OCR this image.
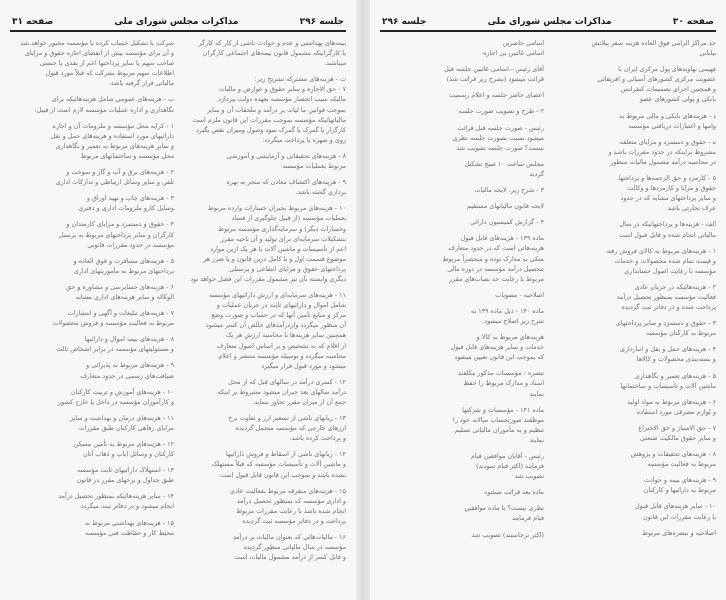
جلسه ۲۹۶
مذاکرات مجلس شورای ملی
صفحه ۳۱
بیمه‌های بهداشتی و عدم و حوادث ناشی از کار که کارگر
یا کارگرانیکه مشمول قانون بیمه‌های اجتماعی کارگران
میباشند.
ت - هزینه‌های مشترکه تشریح زیر:
۷ - حق الاجاره و سایر حقوق و عوارض و مالیات
مالیکه سیب انحصار مؤسسه بعهده دولت بپردازد
بموجب قوانین ما لیات بر درآمد و ملحقات آن و سایر
مالیاتهائیکه مؤسسه بموجب مقررات این قانون ملزم است
کارگزار یا گمرک یا گمرک سود وصول ومیزان نقص بگیرد
روی و شهره یا پرداخت میگردد.
۸ - هزینه‌های تحقیقاتی و آزمایشی و آموزشی
مربوط بعملیات مؤسسه
۹ - هزینه‌های اکتشاف معادن که منجر به بهره
برداری گشته باشد.
۱۰ - هزینه‌های مربوط بجبران خسارات وارده مربوط
بعملیات مؤسسه (از قبیل جلوگیری از فساد
وخسارات دیگر) و سرمایه‌گذاری مؤسسه مربوط
بتشکیلات سرمایه‌ای برای تولید و آن ناحیه مقرر
اعم از تأسیسات و ماشین آلات یا هر یک ازین موارد
موضوع قسمت اول و یا کامل درین قانون و یا ضرر هر
پرداختهای حقوق و مزایای انتفاعی و پرسنلی
دیگری وابسته بآن نیز مشمول مقررات این فصل خواهد بود
۱۱ - هزینه‌های سرمایه‌ای و ارزش دارائیهای مؤسسه
شامل اموال و دارائیهای ثابت در جریان عملیات و
مرکز و منابع تأمین آنها که در حساب و صورت وضع
آن منظور میگردد وازدرآمدهای خالص آن کسر میشود
همچنین سایر هزینه‌ها با محاسبه ارزش هر یک
از اقلام که به تشخیص و بر اساس اصول متعارف
محاسبه میگردد و بوسیله مؤسسه منتشر و اعلام
میشود و مورد قبول قرار میگیرد
۱۲ - کسری درآمد در سالهای قبل که از محل
درآمد سالهای بعد جبران میشود مشروط بر اینکه
جمع آن از میزان مقرر تجاوز ننماید.
۱۳ - زیانهای ناشی از تسعیر ارز و تفاوت نرخ
ارزهای خارجی که مؤسسه متحمل گردیده
و پرداخت کرده باشد.
۱۴ - زیانهای ناشی از اسقاط و فروش دارائیها
و ماشین آلات و تأسیسات مؤسسه که قبلاً مستهلک
نشده باشد و بموجب این قانون قابل قبول است
۱۵ - هزینه‌های متفرقه مربوط بفعالیت عادی
و اداری مؤسسه که بمنظور تحصیل درآمد
انجام شده باشد با رعایت مقررات مربوط
پرداخت و در دفاتر مؤسسه ثبت گردیده
۱۶ - مالیات‌هائی که بعنوان مالیات بر درآمد
مؤسسه در سال مالیاتی منظور گردیده
و قابل کسر از درآمد مشمول مالیات است
شرکت یا تشکیل حساب کرده یا مؤسسه مجبور خواهد شد
و آن برای مؤسسه پیش از انقضای اجازه حقوق و مزایای
صاحب سهم یا سایر پرداختها اعم از نقدی یا جنسی
اطلاعات سهم مربوط بشرکت که قبلاً مورد قبول
مالیاتی قرار گرفته باشد.
ب - هزینه‌های عمومی شامل هزینه‌هائیکه برای
نگاهداری و اداره عملیات مؤسسه لازم است از قبیل:
۱ - کرایه محل مؤسسه و ملزومات آن و اجاره
دارائیهای مورد استفاده و هزینه‌های حمل و نقل
و سایر هزینه‌های مربوط به تعمیر و نگاهداری
محل مؤسسه و ساختمانهای مربوط
۲ - هزینه‌های برق و آب و گاز و سوخت و
تلفن و سایر وسائل ارتباطی و تدارکات اداری
۳ - هزینه‌های چاپ و تهیه اوراق و
وسایل کارو ملزومات اداری و دفتری
۴ - حقوق و دستمزد و مزایای کارمندان و
کارگران و سایر پرداختهای مربوط به پرسنل
مؤسسه در حدود مقررات قانونی
۵ - هزینه‌های مسافرت و فوق العاده و
پرداختهای مربوط به مأموریتهای اداری
۶ - هزینه‌های حسابرسی و مشاوره و حق
الوکاله و سایر هزینه‌های اداری مشابه
۷ - هزینه‌های تبلیغات و آگهی و انتشارات
مربوط به فعالیت مؤسسه و فروش محصولات
۸ - هزینه‌های بیمه اموال و دارائیها
و مسئولیتهای مؤسسه در برابر اشخاص ثالث
۹ - هزینه‌های مربوط به پذیرائی و
ضیافت‌های رسمی در حدود متعارف
۱۰ - هزینه‌های آموزش و تربیت کارکنان
و کارآموزان مؤسسه در داخل یا خارج کشور
۱۱ - هزینه‌های درمان و بهداشت و سایر
مزایای رفاهی کارکنان طبق مقررات
۱۲ - هزینه‌های مربوط به تأمین مسکن
کارکنان و وسائل ایاب و ذهاب آنان
۱۳ - استهلاک دارائیهای ثابت مؤسسه
طبق جداول و نرخهای مقرر در قانون
۱۴ - سایر هزینه‌هائیکه بمنظور تحصیل درآمد
انجام میشود و در دفاتر ثبت میگردد
۱۵ - هزینه‌های بهداشتی مربوط به
محیط کار و حفاظت فنی مؤسسه
صفحه ۳۰
مذاکرات مجلس شورای ملی
جلسه ۲۹۶
حد مراکز الزامی فوق العاده هزینه سفر بیلاتش
بیابانی
فهیمی نهاوند‌های پول مرکزی ایران با
عضویت مرکزی کشورهای آسیائی و افریقائی
و همچنین اجرای تصمیمات کنفرانس
بانکی و پولی کشورهای عضو
د - هزینه‌های بانکی و مالی مربوط به
وامها و اعتبارات دریافتی مؤسسه
ه - حقوق و دستمزد و مزایای متعلقه
مشروط براینکه در حدود مقررات باشد و
در محاسبه درآمد مشمول مالیات منظور
۵ - کارمزد و حق الزحمه‌ها و پرداختها
حقوق و مزایا و کارمزدها و وکالت
و سایر پرداختهای مشابه که در حدود
عرف تجارتی باشد
الف - هزینه‌ها و پرداختهائیکه در سال
مالیاتی انجام شده و قابل قبول است
۱ - هزینه‌های مربوط به کالای فروش رفته
و قیمت تمام شده محصولات و خدمات
مؤسسه با رعایت اصول حسابداری
۲ - هزینه‌هائیکه در جریان عادی
فعالیت مؤسسه بمنظور تحصیل درآمد
پرداخت شده و در دفاتر ثبت گردیده
۳ - حقوق و دستمزد و سایر پرداختهای
مربوط به کارکنان مؤسسه
۴ - هزینه‌های حمل و نقل و انبارداری
و بسته‌بندی محصولات و کالاها
۵ - هزینه‌های تعمیر و نگاهداری
ماشین آلات و تأسیسات و ساختمانها
۶ - هزینه‌های مربوط به مواد اولیه
و لوازم مصرفی مورد استفاده
۷ - حق الامتیاز و حق الاختراع
و سایر حقوق مالکیت صنعتی
۸ - هزینه‌های تحقیقات و پژوهش
مربوط به فعالیت مؤسسه
۹ - هزینه‌های بیمه و حوادث
مربوط به دارائیها و کارکنان
۱۰ - سایر هزینه‌های قابل قبول
با رعایت مقررات این قانون
اصلاحیه و تبصره‌های مربوط
اسامی حاضرین
اسامی غائبین بی اجازه
آقای رئیس - اسامی غائبین جلسه قبل
قرائت میشود (بشرح زیر قرائت شد)
اعضای حاضر جلسه و اعلام رسمیت
۲ - طرح و تصویب صورت جلسه
رئیس - صورت جلسه قبل قرائت
میشود نسبت بصورت جلسه نظری
نیست؟ صورت جلسه تصویب شد
مجلس ساعت ۱۰ صبح تشکیل
گردید
۳ - شرح زیر، لایحه مالیات
لایحه قانون مالیاتهای مستقیم
۴ - گزارش کمیسیون دارائی
ماده ۱۳۹ - هزینه‌های قابل قبول
هزینه‌هائی است که در حدود متعارف
متکی به مدارک بوده و منحصراً مربوط
بتحصیل درآمد مؤسسه در دوره مالی
مربوط با رعایت حد نصاب‌های مقرر
اصلاحیه - مصوبات
ماده ۱۴۰ - ذیل ماده ۱۳۹ به
شرح زیر اصلاح میشود
هزینه‌های مربوط به کالا و
خدمات و سایر هزینه‌های قابل قبول
که بموجب این قانون تعیین میشود
تبصره - مؤسسات مذکور مکلفند
اسناد و مدارک مربوط را حفظ
نمایند
ماده ۱۴۱ - مؤسسات و شرکتها
موظفند صورتحساب سالانه خود را
تنظیم و به مأموران مالیاتی تسلیم
نمایند
رئیس - آقایان موافقین قیام
فرمایند (اکثر قیام نمودند)
تصویب شد
ماده بعد قرائت میشود
نظری نیست؟ با ماده موافقین
قیام فرمایند
(اکثر برخاستند) تصویب شد
